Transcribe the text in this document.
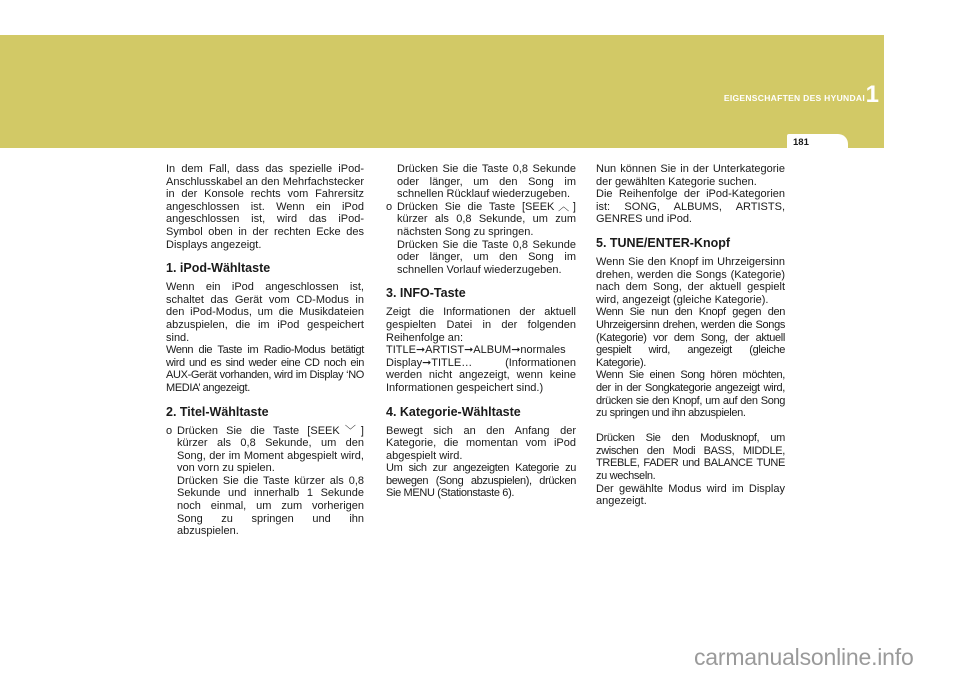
EIGENSCHAFTEN DES HYUNDAI 1
181

In dem Fall, dass das spezielle iPod-Anschlusskabel an den Mehrfachstecker in der Konsole rechts vom Fahrersitz angeschlossen ist. Wenn ein iPod angeschlossen ist, wird das iPod-Symbol oben in der rechten Ecke des Displays angezeigt.

1. iPod-Wähltaste

Wenn ein iPod angeschlossen ist, schaltet das Gerät vom CD-Modus in den iPod-Modus, um die Musikdateien abzuspielen, die im iPod gespeichert sind.

Wenn die Taste im Radio-Modus betätigt wird und es sind weder eine CD noch ein AUX-Gerät vorhanden, wird im Display ‘NO MEDIA’ angezeigt.

2. Titel-Wähltaste
o Drücken Sie die Taste [SEEK﹀] kürzer als 0,8 Sekunde, um den Song, der im Moment abgespielt wird, von vorn zu spielen.

Drücken Sie die Taste kürzer als 0,8 Sekunde und innerhalb 1 Sekunde noch einmal, um zum vorherigen Song zu springen und ihn abzuspielen.

Drücken Sie die Taste 0,8 Sekunde oder länger, um den Song im schnellen Rücklauf wiederzugeben.

o Drücken Sie die Taste [SEEK︿] kürzer als 0,8 Sekunde, um zum nächsten Song zu springen.

Drücken Sie die Taste 0,8 Sekunde oder länger, um den Song im schnellen Vorlauf wiederzugeben.

3. INFO-Taste

Zeigt die Informationen der aktuell gespielten Datei in der folgenden Reihenfolge an:

TITLE➞ARTIST➞ALBUM➞normales Display➞TITLE… (Informationen werden nicht angezeigt, wenn keine Informationen gespeichert sind.)

4. Kategorie-Wähltaste

Bewegt sich an den Anfang der Kategorie, die momentan vom iPod abgespielt wird.

Um sich zur angezeigten Kategorie zu bewegen (Song abzuspielen), drücken Sie MENU (Stationstaste 6).

Nun können Sie in der Unterkategorie der gewählten Kategorie suchen.

Die Reihenfolge der iPod-Kategorien ist: SONG, ALBUMS, ARTISTS, GENRES und iPod.

5. TUNE/ENTER-Knopf

Wenn Sie den Knopf im Uhrzeigersinn drehen, werden die Songs (Kategorie) nach dem Song, der aktuell gespielt wird, angezeigt (gleiche Kategorie).

Wenn Sie nun den Knopf gegen den Uhrzeigersinn drehen, werden die Songs (Kategorie) vor dem Song, der aktuell gespielt wird, angezeigt (gleiche Kategorie).

Wenn Sie einen Song hören möchten, der in der Songkategorie angezeigt wird, drücken sie den Knopf, um auf den Song zu springen und ihn abzuspielen.

Drücken Sie den Modusknopf, um zwischen den Modi BASS, MIDDLE, TREBLE, FADER und BALANCE TUNE zu wechseln.

Der gewählte Modus wird im Display angezeigt.

carmanualsonline.info
